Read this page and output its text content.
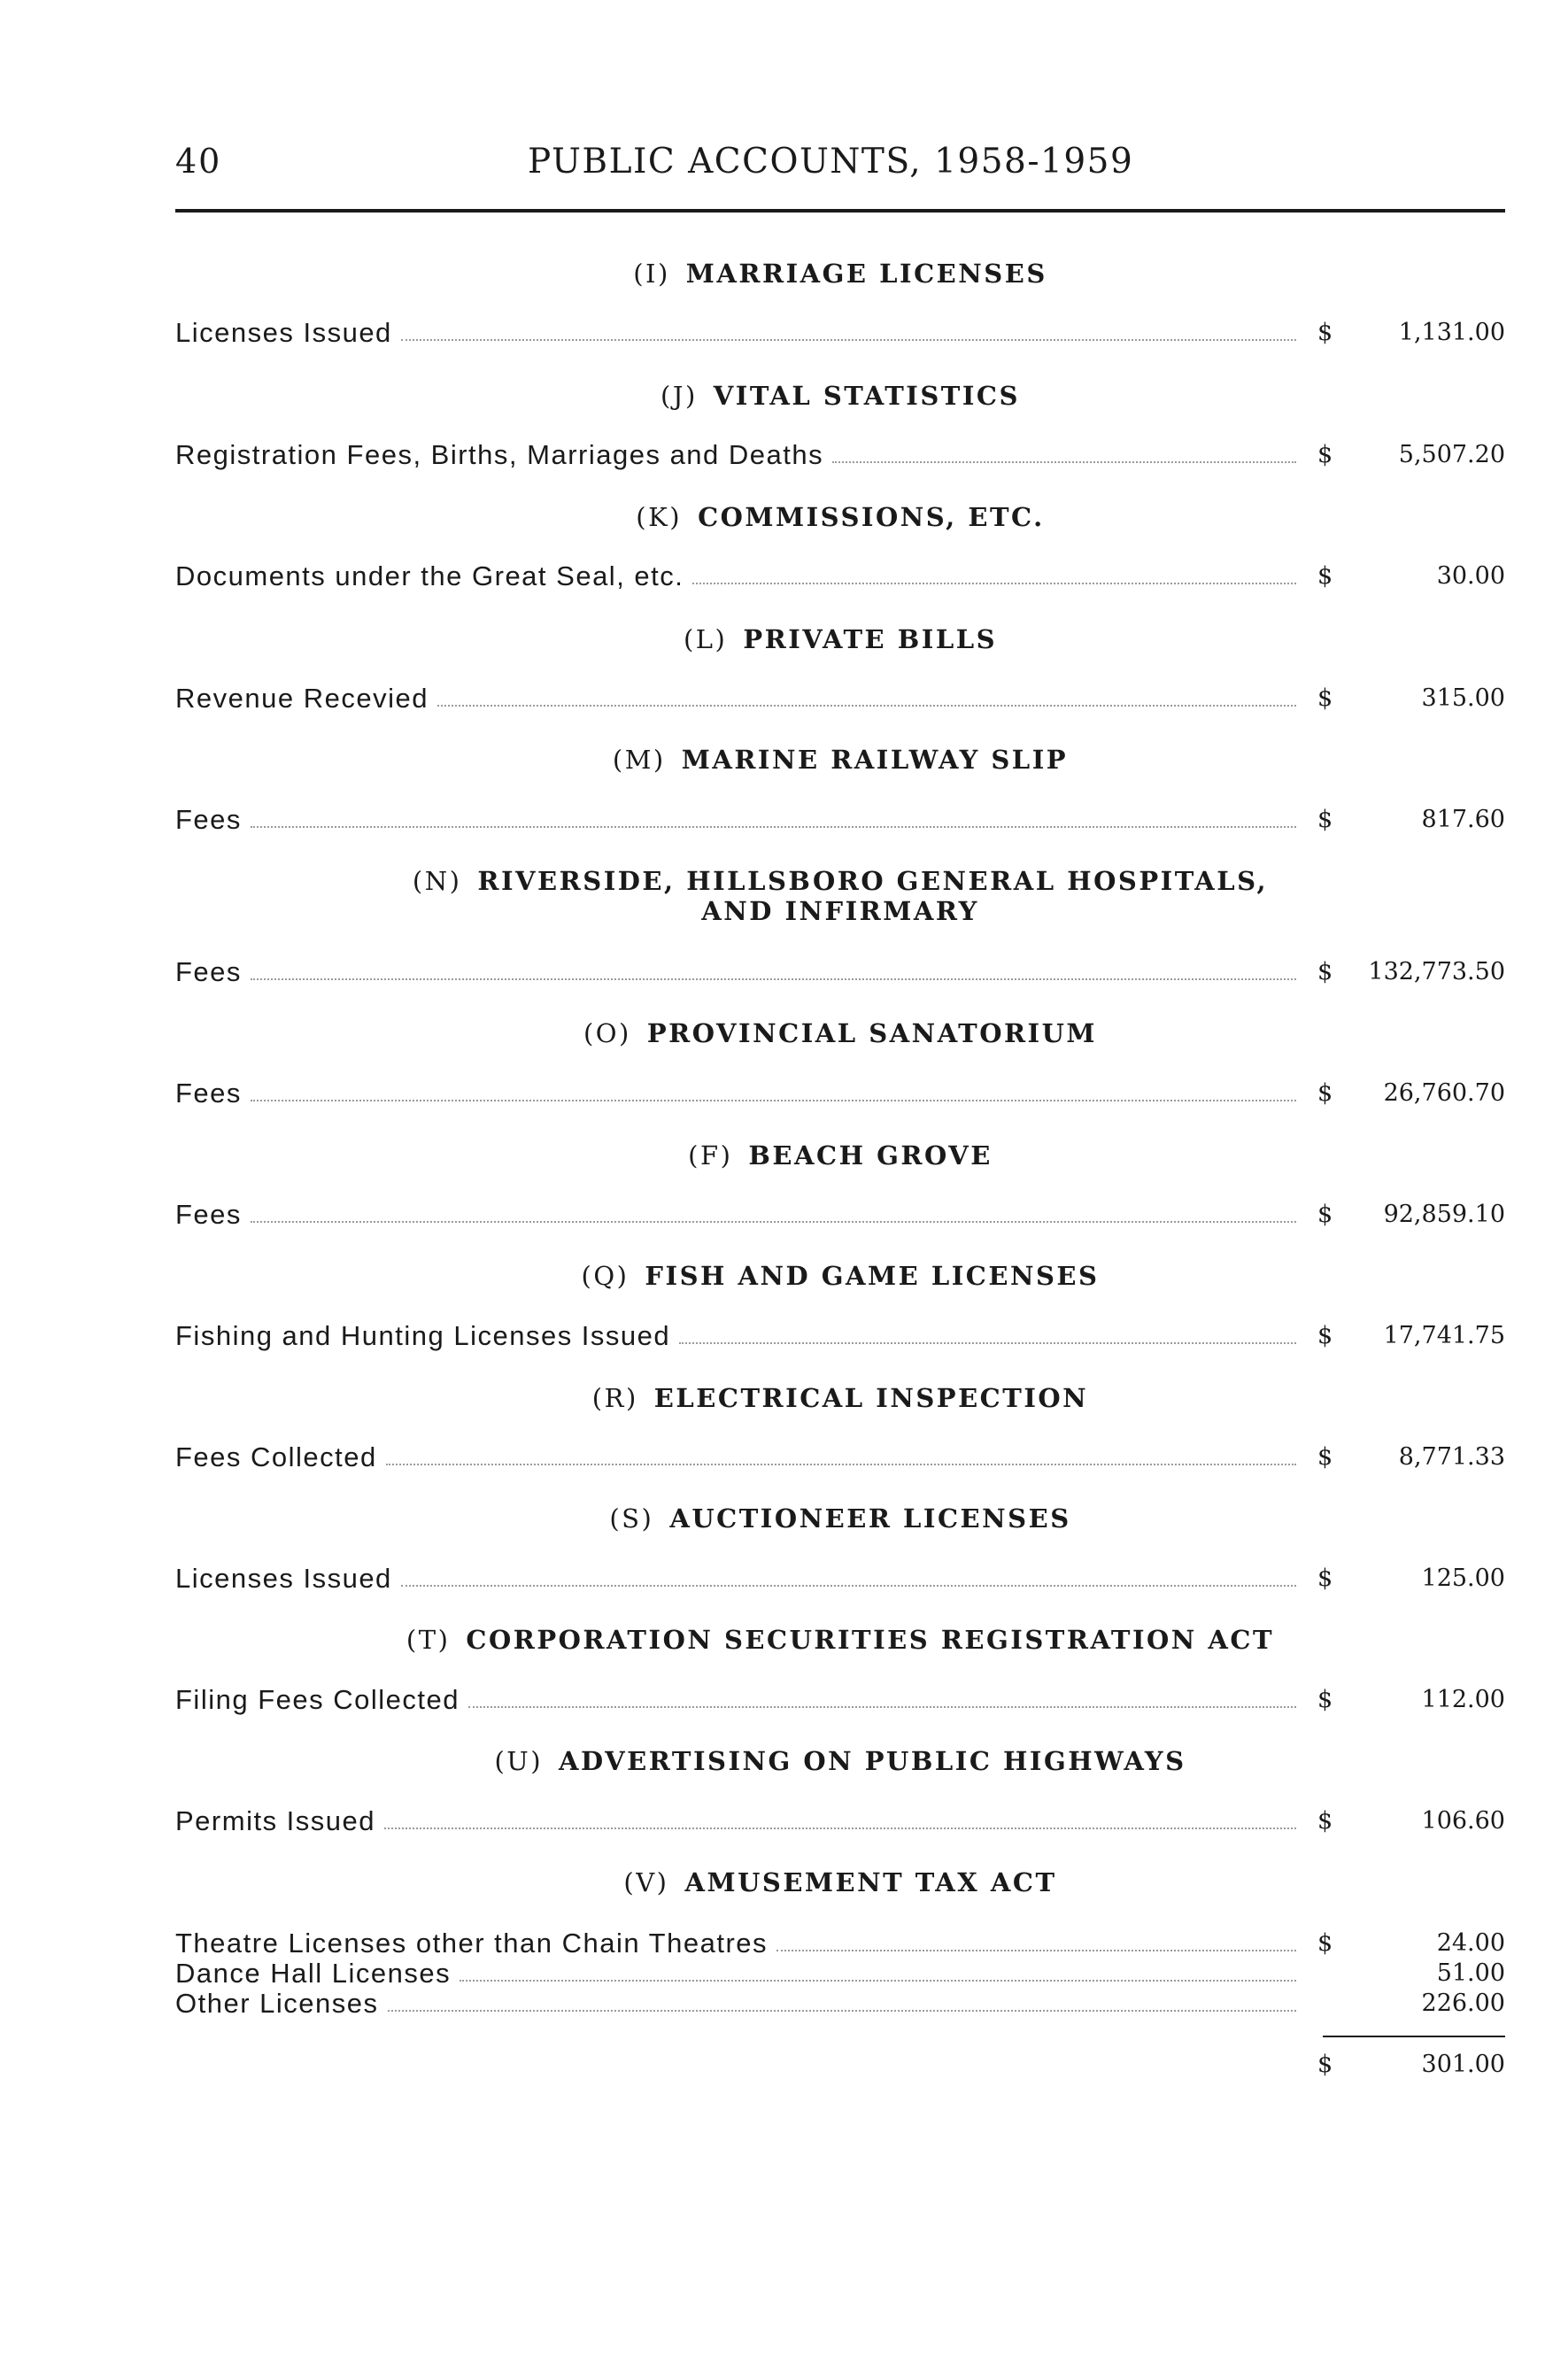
40	PUBLIC ACCOUNTS, 1958-1959
(I) MARRIAGE LICENSES
Licenses Issued	$	1,131.00
(J) VITAL STATISTICS
Registration Fees, Births, Marriages and Deaths	$	5,507.20
(K) COMMISSIONS, ETC.
Documents under the Great Seal, etc.	$	30.00
(L) PRIVATE BILLS
Revenue Recevied	$	315.00
(M) MARINE RAILWAY SLIP
Fees	$	817.60
(N) RIVERSIDE, HILLSBORO GENERAL HOSPITALS,
AND INFIRMARY
Fees	$	132,773.50
(O) PROVINCIAL SANATORIUM
Fees	$	26,760.70
(F) BEACH GROVE
Fees	$	92,859.10
(Q) FISH AND GAME LICENSES
Fishing and Hunting Licenses Issued	$	17,741.75
(R) ELECTRICAL INSPECTION
Fees Collected	$	8,771.33
(S) AUCTIONEER LICENSES
Licenses Issued	$	125.00
(T) CORPORATION SECURITIES REGISTRATION ACT
Filing Fees Collected	$	112.00
(U) ADVERTISING ON PUBLIC HIGHWAYS
Permits Issued	$	106.60
(V) AMUSEMENT TAX ACT
Theatre Licenses other than Chain Theatres	$	24.00
Dance Hall Licenses	51.00
Other Licenses	226.00
$	301.00
